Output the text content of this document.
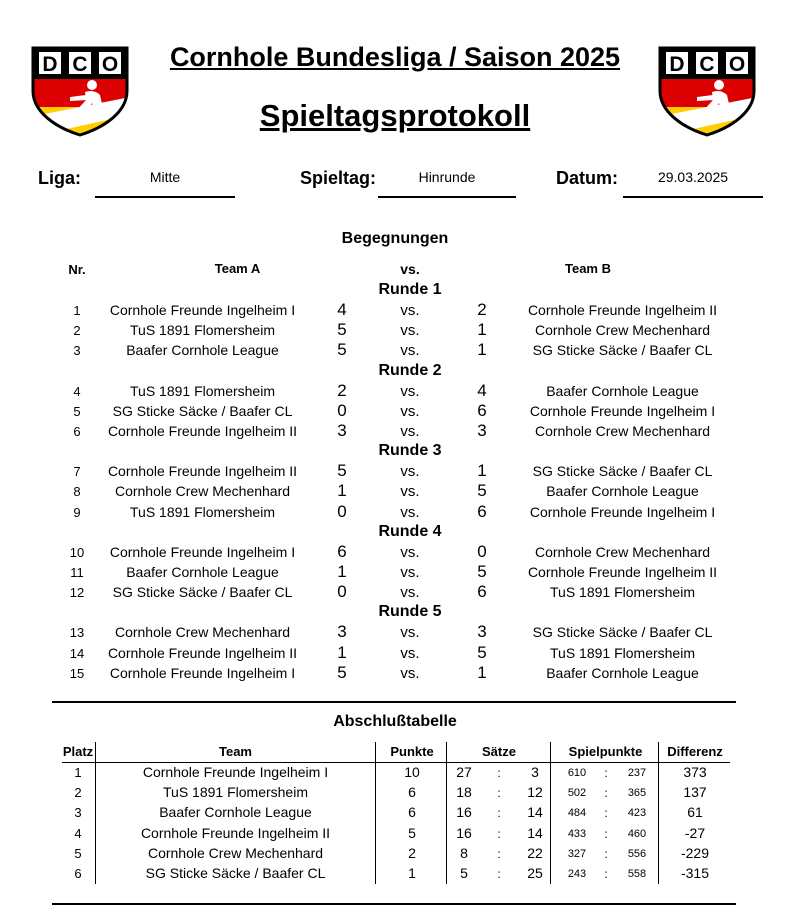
D C O	D C O
Cornhole Bundesliga / Saison 2025
Spieltagsprotokoll
Liga:	Mitte	Spieltag:	Hinrunde	Datum:	29.03.2025
Begegnungen
Nr.	Team A	vs.	Team B
Runde 1
1	Cornhole Freunde Ingelheim I	4	vs.	2	Cornhole Freunde Ingelheim II
2	TuS 1891 Flomersheim	5	vs.	1	Cornhole Crew Mechenhard
3	Baafer Cornhole League	5	vs.	1	SG Sticke Säcke / Baafer CL
Runde 2
4	TuS 1891 Flomersheim	2	vs.	4	Baafer Cornhole League
5	SG Sticke Säcke / Baafer CL	0	vs.	6	Cornhole Freunde Ingelheim I
6	Cornhole Freunde Ingelheim II	3	vs.	3	Cornhole Crew Mechenhard
Runde 3
7	Cornhole Freunde Ingelheim II	5	vs.	1	SG Sticke Säcke / Baafer CL
8	Cornhole Crew Mechenhard	1	vs.	5	Baafer Cornhole League
9	TuS 1891 Flomersheim	0	vs.	6	Cornhole Freunde Ingelheim I
Runde 4
10	Cornhole Freunde Ingelheim I	6	vs.	0	Cornhole Crew Mechenhard
11	Baafer Cornhole League	1	vs.	5	Cornhole Freunde Ingelheim II
12	SG Sticke Säcke / Baafer CL	0	vs.	6	TuS 1891 Flomersheim
Runde 5
13	Cornhole Crew Mechenhard	3	vs.	3	SG Sticke Säcke / Baafer CL
14	Cornhole Freunde Ingelheim II	1	vs.	5	TuS 1891 Flomersheim
15	Cornhole Freunde Ingelheim I	5	vs.	1	Baafer Cornhole League
Abschlußtabelle
Platz	Team	Punkte	Sätze	Spielpunkte	Differenz
1	Cornhole Freunde Ingelheim I	10	27	:	3	610	:	237	373
2	TuS 1891 Flomersheim	6	18	:	12	502	:	365	137
3	Baafer Cornhole League	6	16	:	14	484	:	423	61
4	Cornhole Freunde Ingelheim II	5	16	:	14	433	:	460	-27
5	Cornhole Crew Mechenhard	2	8	:	22	327	:	556	-229
6	SG Sticke Säcke / Baafer CL	1	5	:	25	243	:	558	-315
